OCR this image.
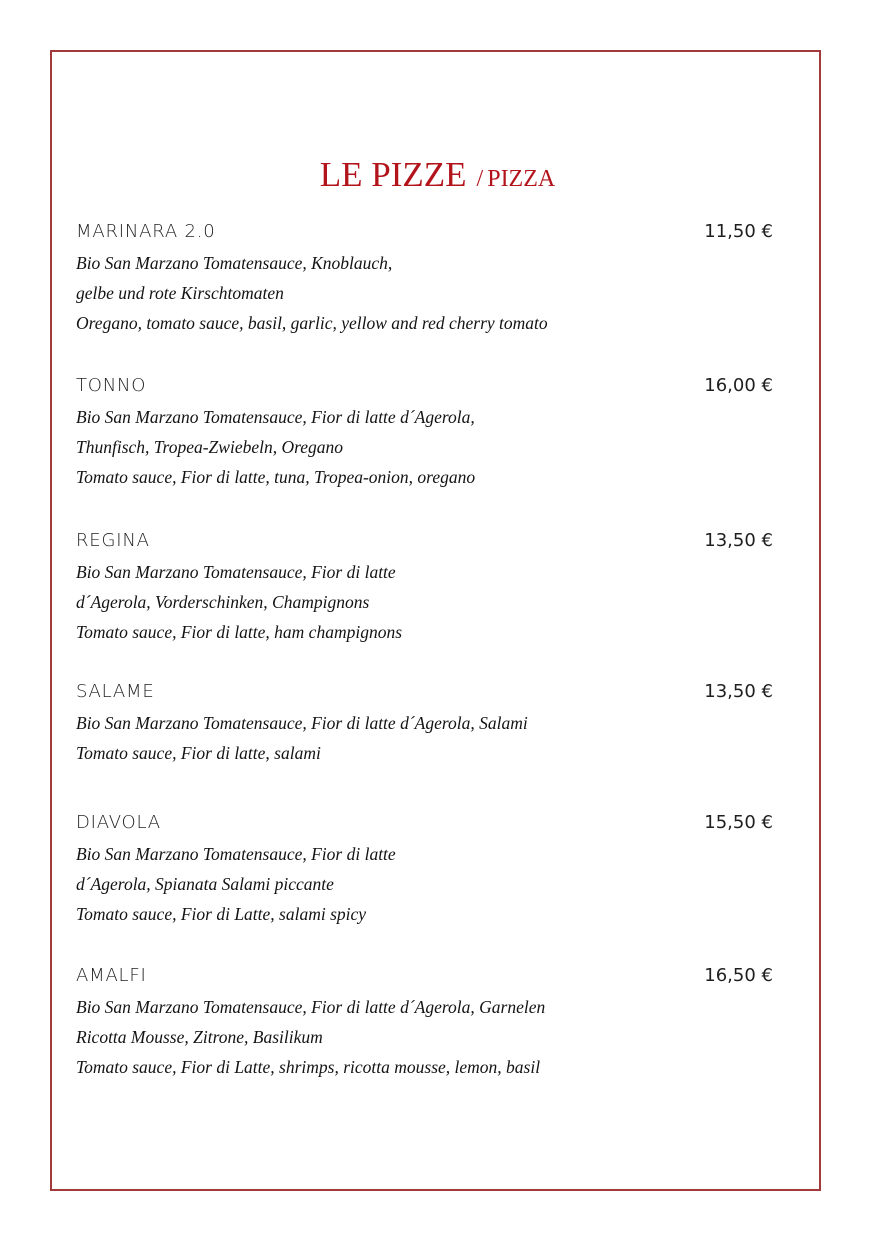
LE PIZZE / PIZZA
MARINARA 2.0	11,50 €
Bio San Marzano Tomatensauce, Knoblauch,
gelbe und rote Kirschtomaten
Oregano, tomato sauce, basil, garlic, yellow and red cherry tomato
TONNO	16,00 €
Bio San Marzano Tomatensauce, Fior di latte d´Agerola,
Thunfisch, Tropea-Zwiebeln, Oregano
Tomato sauce, Fior di latte, tuna, Tropea-onion, oregano
REGINA	13,50 €
Bio San Marzano Tomatensauce, Fior di latte
d´Agerola, Vorderschinken, Champignons
Tomato sauce, Fior di latte, ham champignons
SALAME	13,50 €
Bio San Marzano Tomatensauce, Fior di latte d´Agerola, Salami
Tomato sauce, Fior di latte, salami
DIAVOLA	15,50 €
Bio San Marzano Tomatensauce, Fior di latte
d´Agerola, Spianata Salami piccante
Tomato sauce, Fior di Latte, salami spicy
AMALFI	16,50 €
Bio San Marzano Tomatensauce, Fior di latte d´Agerola, Garnelen
Ricotta Mousse, Zitrone, Basilikum
Tomato sauce, Fior di Latte, shrimps, ricotta mousse, lemon, basil
